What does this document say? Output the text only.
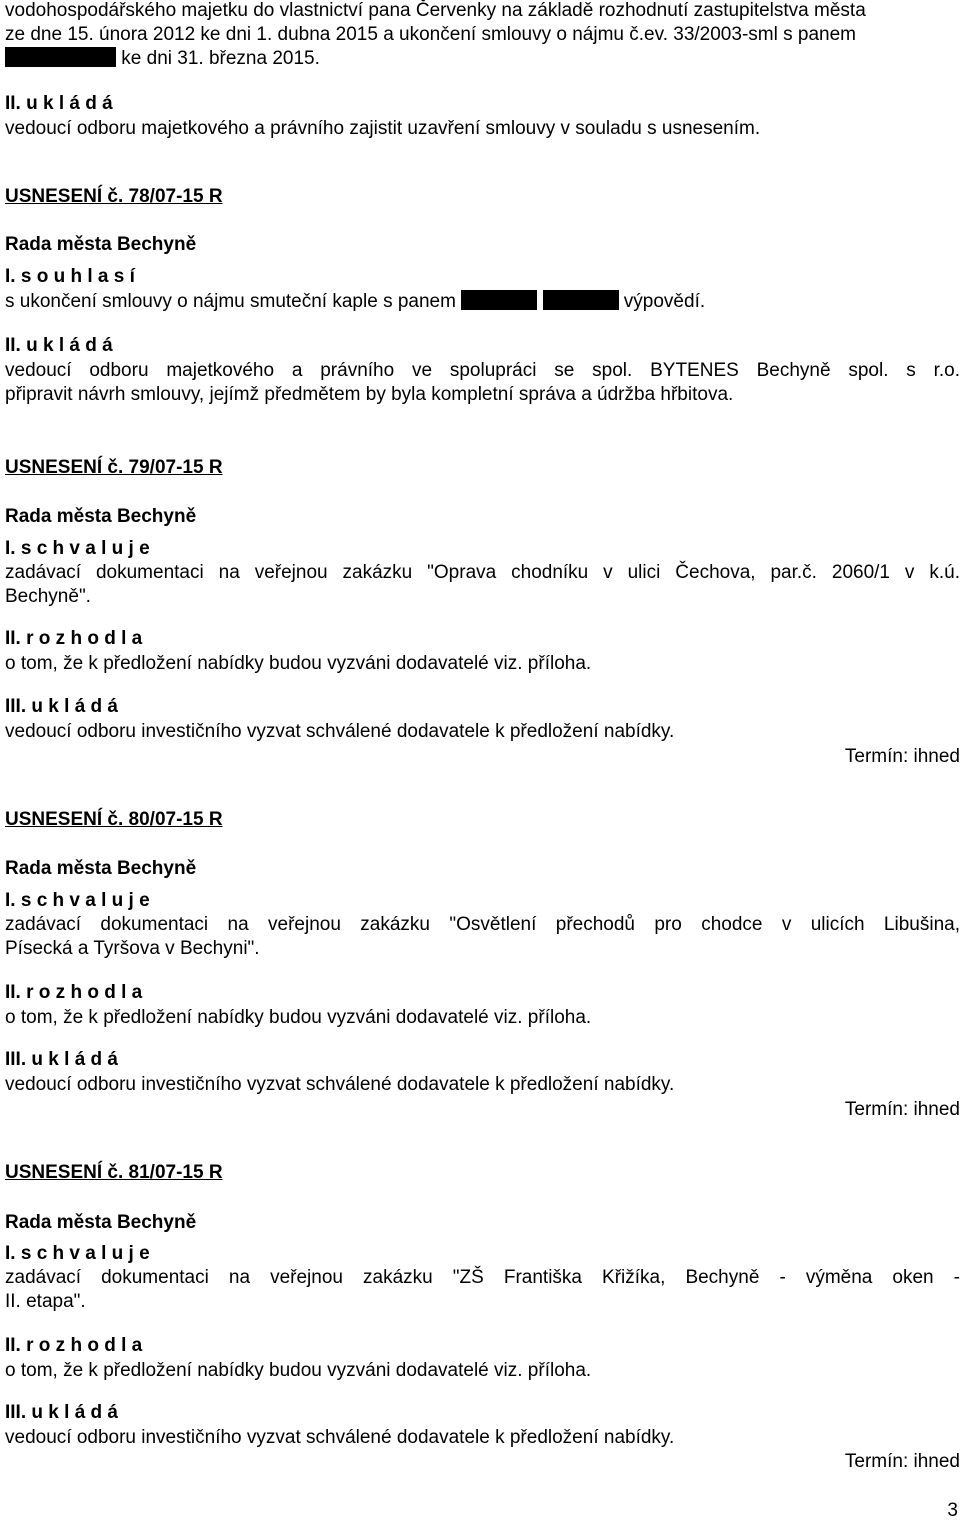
vodohospodářského majetku do vlastnictví pana Červenky na základě rozhodnutí zastupitelstva města
ze dne 15. února 2012 ke dni 1. dubna 2015 a ukončení smlouvy o nájmu č.ev. 33/2003-sml s panem
ke dni 31. března 2015.
II. u k l á d á
vedoucí odboru majetkového a právního zajistit uzavření smlouvy v souladu s usnesením.
USNESENÍ č. 78/07-15 R
Rada města Bechyně
I. s o u h l a s í
s ukončení smlouvy o nájmu smuteční kaple s panem	výpovědí.
II. u k l á d á
vedoucí odboru majetkového a právního ve spolupráci se spol. BYTENES Bechyně spol. s r.o.
připravit návrh smlouvy, jejímž předmětem by byla kompletní správa a údržba hřbitova.
USNESENÍ č. 79/07-15 R
Rada města Bechyně
I. s c h v a l u j e
zadávací dokumentaci na veřejnou zakázku "Oprava chodníku v ulici Čechova, par.č. 2060/1 v k.ú.
Bechyně".
II. r o z h o d l a
o tom, že k předložení nabídky budou vyzváni dodavatelé viz. příloha.
III. u k l á d á
vedoucí odboru investičního vyzvat schválené dodavatele k předložení nabídky.
Termín: ihned
USNESENÍ č. 80/07-15 R
Rada města Bechyně
I. s c h v a l u j e
zadávací dokumentaci na veřejnou zakázku "Osvětlení přechodů pro chodce v ulicích Libušina,
Písecká a Tyršova v Bechyni".
II. r o z h o d l a
o tom, že k předložení nabídky budou vyzváni dodavatelé viz. příloha.
III. u k l á d á
vedoucí odboru investičního vyzvat schválené dodavatele k předložení nabídky.
Termín: ihned
USNESENÍ č. 81/07-15 R
Rada města Bechyně
I. s c h v a l u j e
zadávací dokumentaci na veřejnou zakázku "ZŠ Františka Křižíka, Bechyně - výměna oken -
II. etapa".
II. r o z h o d l a
o tom, že k předložení nabídky budou vyzváni dodavatelé viz. příloha.
III. u k l á d á
vedoucí odboru investičního vyzvat schválené dodavatele k předložení nabídky.
Termín: ihned
3
